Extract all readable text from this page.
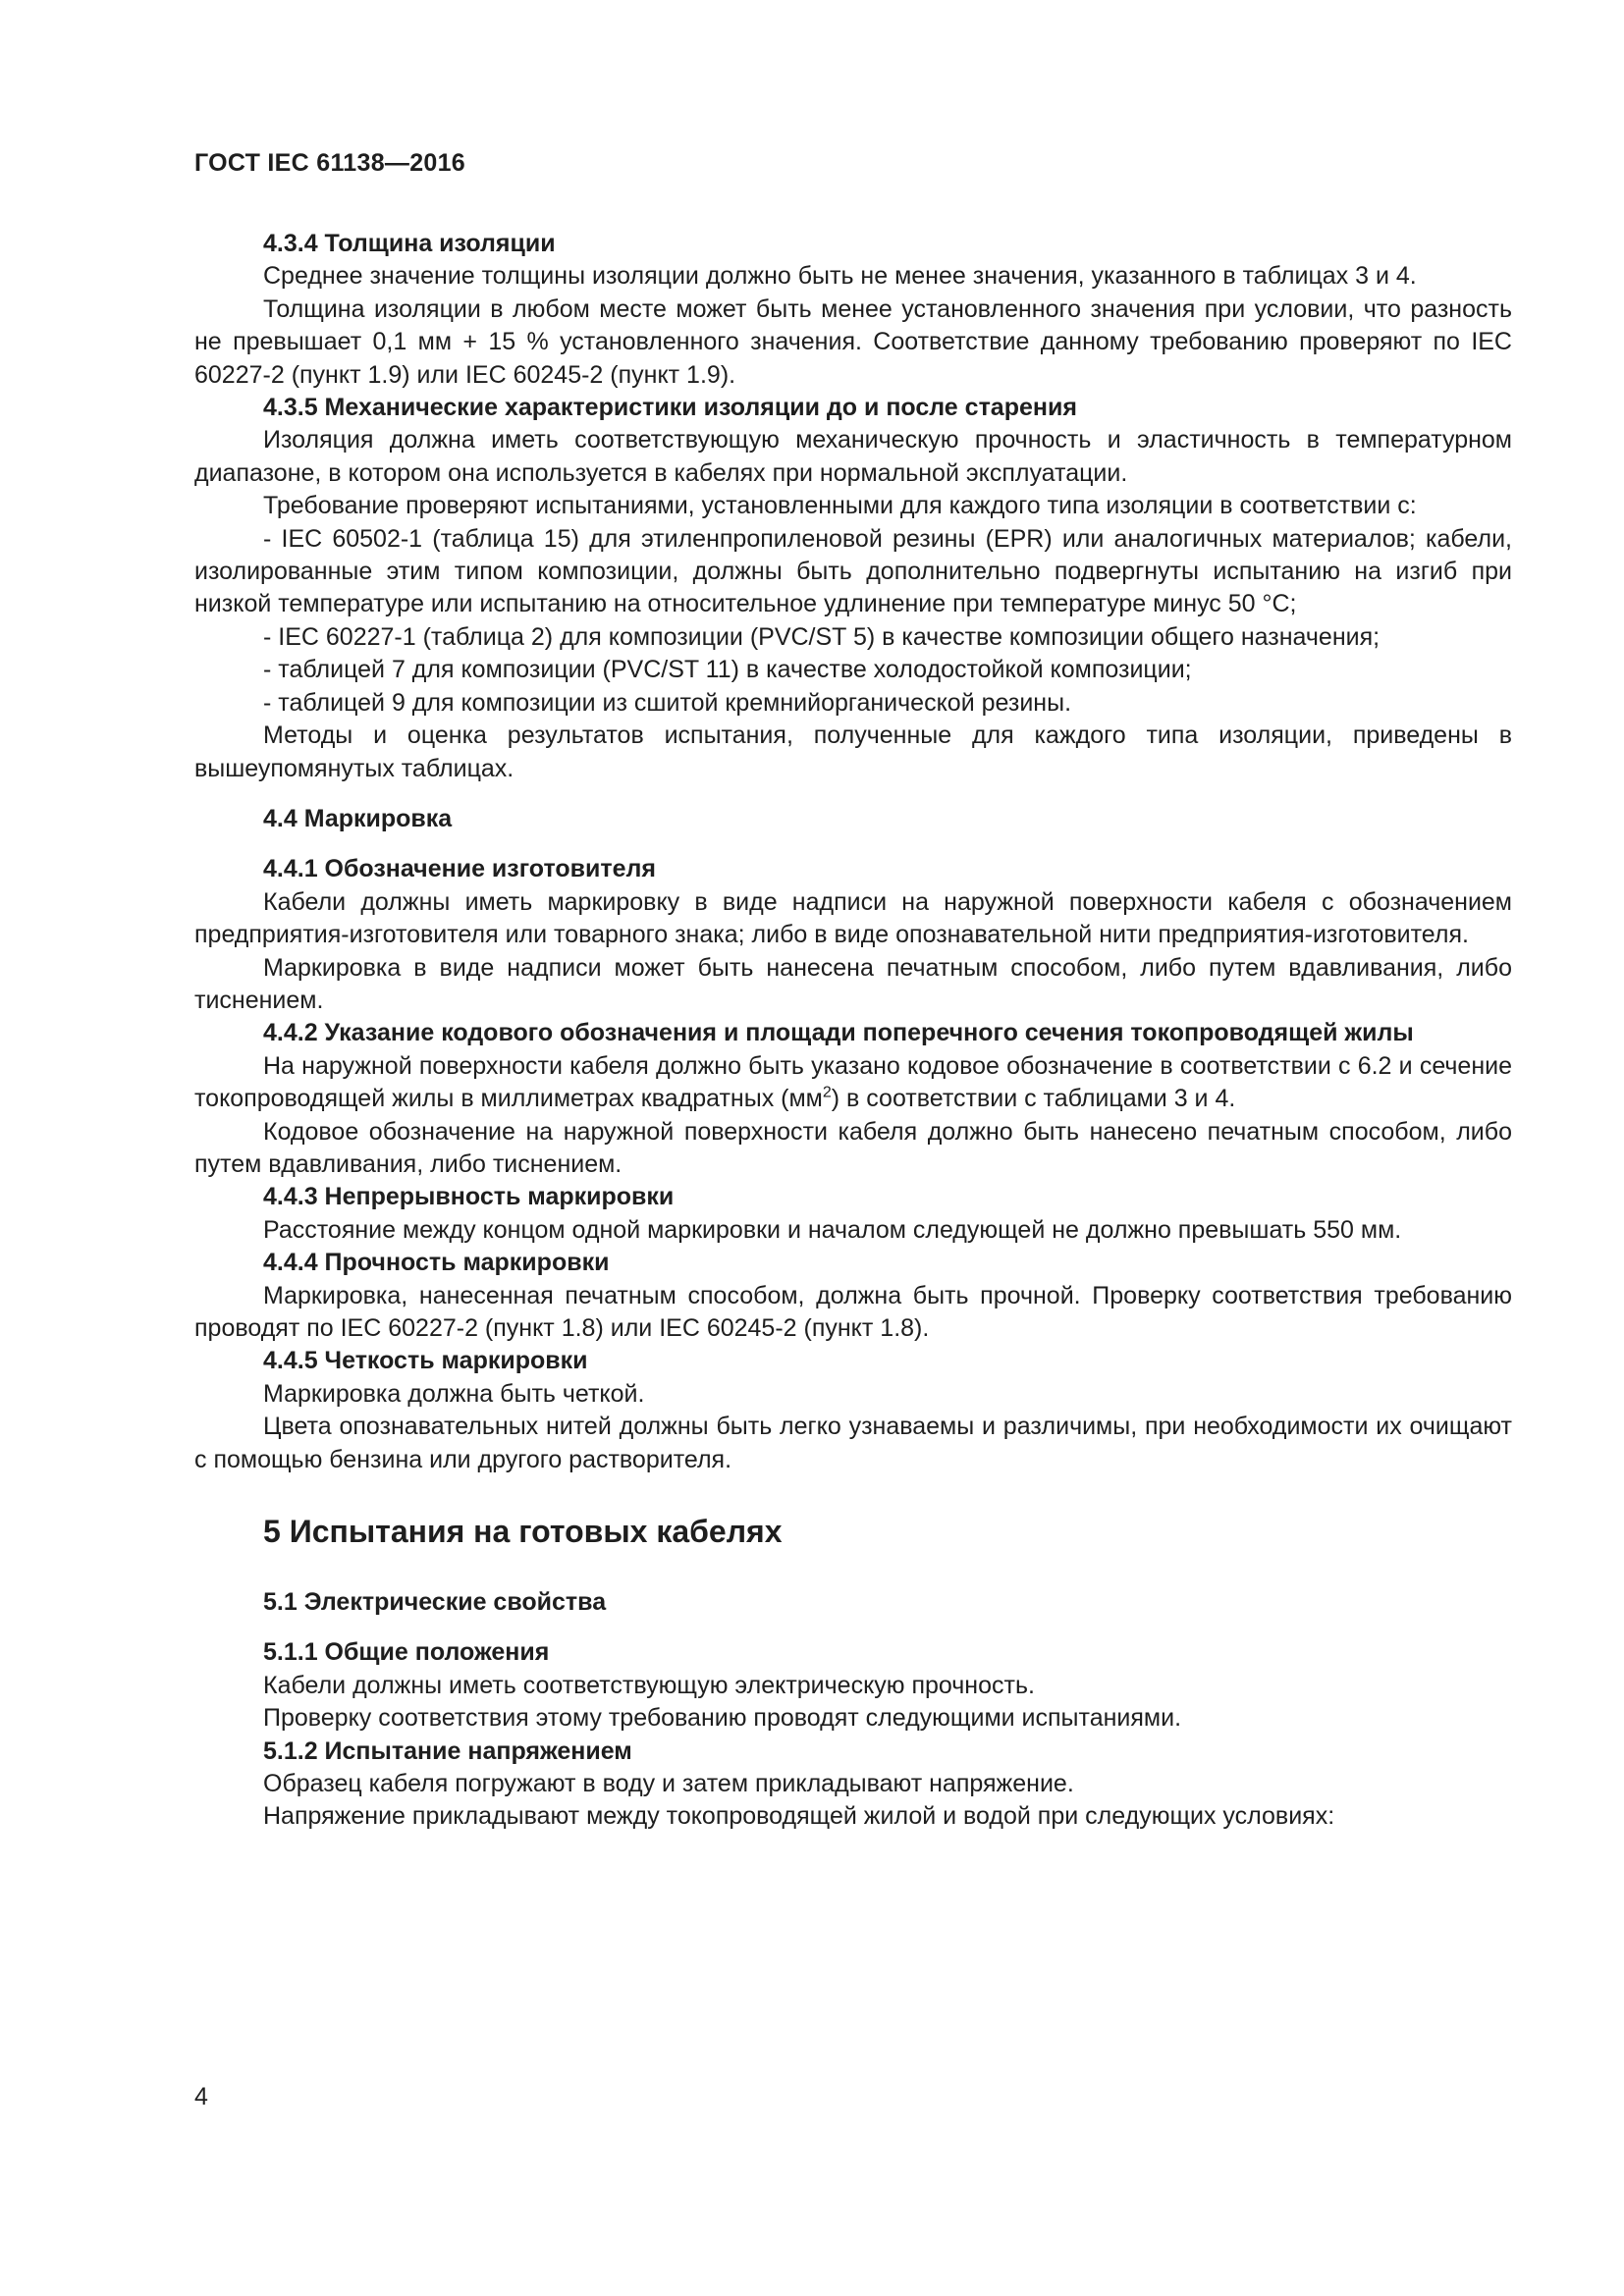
ГОСТ IEC 61138—2016
4.3.4 Толщина изоляции

Среднее значение толщины изоляции должно быть не менее значения, указанного в таблицах 3 и 4.

Толщина изоляции в любом месте может быть менее установленного значения при условии, что разность не превышает 0,1 мм + 15 % установленного значения. Соответствие данному требованию проверяют по IEC 60227-2 (пункт 1.9) или IEC 60245-2 (пункт 1.9).

4.3.5 Механические характеристики изоляции до и после старения

Изоляция должна иметь соответствующую механическую прочность и эластичность в температурном диапазоне, в котором она используется в кабелях при нормальной эксплуатации.

Требование проверяют испытаниями, установленными для каждого типа изоляции в соответствии с:

- IEC 60502-1 (таблица 15) для этиленпропиленовой резины (EPR) или аналогичных материалов; кабели, изолированные этим типом композиции, должны быть дополнительно подвергнуты испытанию на изгиб при низкой температуре или испытанию на относительное удлинение при температуре минус 50 °C;

- IEC 60227-1 (таблица 2) для композиции (PVC/ST 5) в качестве композиции общего назначения;

- таблицей 7 для композиции (PVC/ST 11) в качестве холодостойкой композиции;

- таблицей 9 для композиции из сшитой кремнийорганической резины.

Методы и оценка результатов испытания, полученные для каждого типа изоляции, приведены в вышеупомянутых таблицах.

4.4 Маркировка
4.4.1 Обозначение изготовителя

Кабели должны иметь маркировку в виде надписи на наружной поверхности кабеля с обозначением предприятия-изготовителя или товарного знака; либо в виде опознавательной нити предприятия-изготовителя.

Маркировка в виде надписи может быть нанесена печатным способом, либо путем вдавливания, либо тиснением.

4.4.2 Указание кодового обозначения и площади поперечного сечения токопроводящей жилы

На наружной поверхности кабеля должно быть указано кодовое обозначение в соответствии с 6.2 и сечение токопроводящей жилы в миллиметрах квадратных $(мм^2)$ в соответствии с таблицами 3 и 4.

Кодовое обозначение на наружной поверхности кабеля должно быть нанесено печатным способом, либо путем вдавливания, либо тиснением.

4.4.3 Непрерывность маркировки

Расстояние между концом одной маркировки и началом следующей не должно превышать 550 мм.

4.4.4 Прочность маркировки

Маркировка, нанесенная печатным способом, должна быть прочной. Проверку соответствия требованию проводят по IEC 60227-2 (пункт 1.8) или IEC 60245-2 (пункт 1.8).

4.4.5 Четкость маркировки

Маркировка должна быть четкой.

Цвета опознавательных нитей должны быть легко узнаваемы и различимы, при необходимости их очищают с помощью бензина или другого растворителя.

5 Испытания на готовых кабелях
5.1 Электрические свойства
5.1.1 Общие положения

Кабели должны иметь соответствующую электрическую прочность.

Проверку соответствия этому требованию проводят следующими испытаниями.

5.1.2 Испытание напряжением

Образец кабеля погружают в воду и затем прикладывают напряжение.

Напряжение прикладывают между токопроводящей жилой и водой при следующих условиях:

4
